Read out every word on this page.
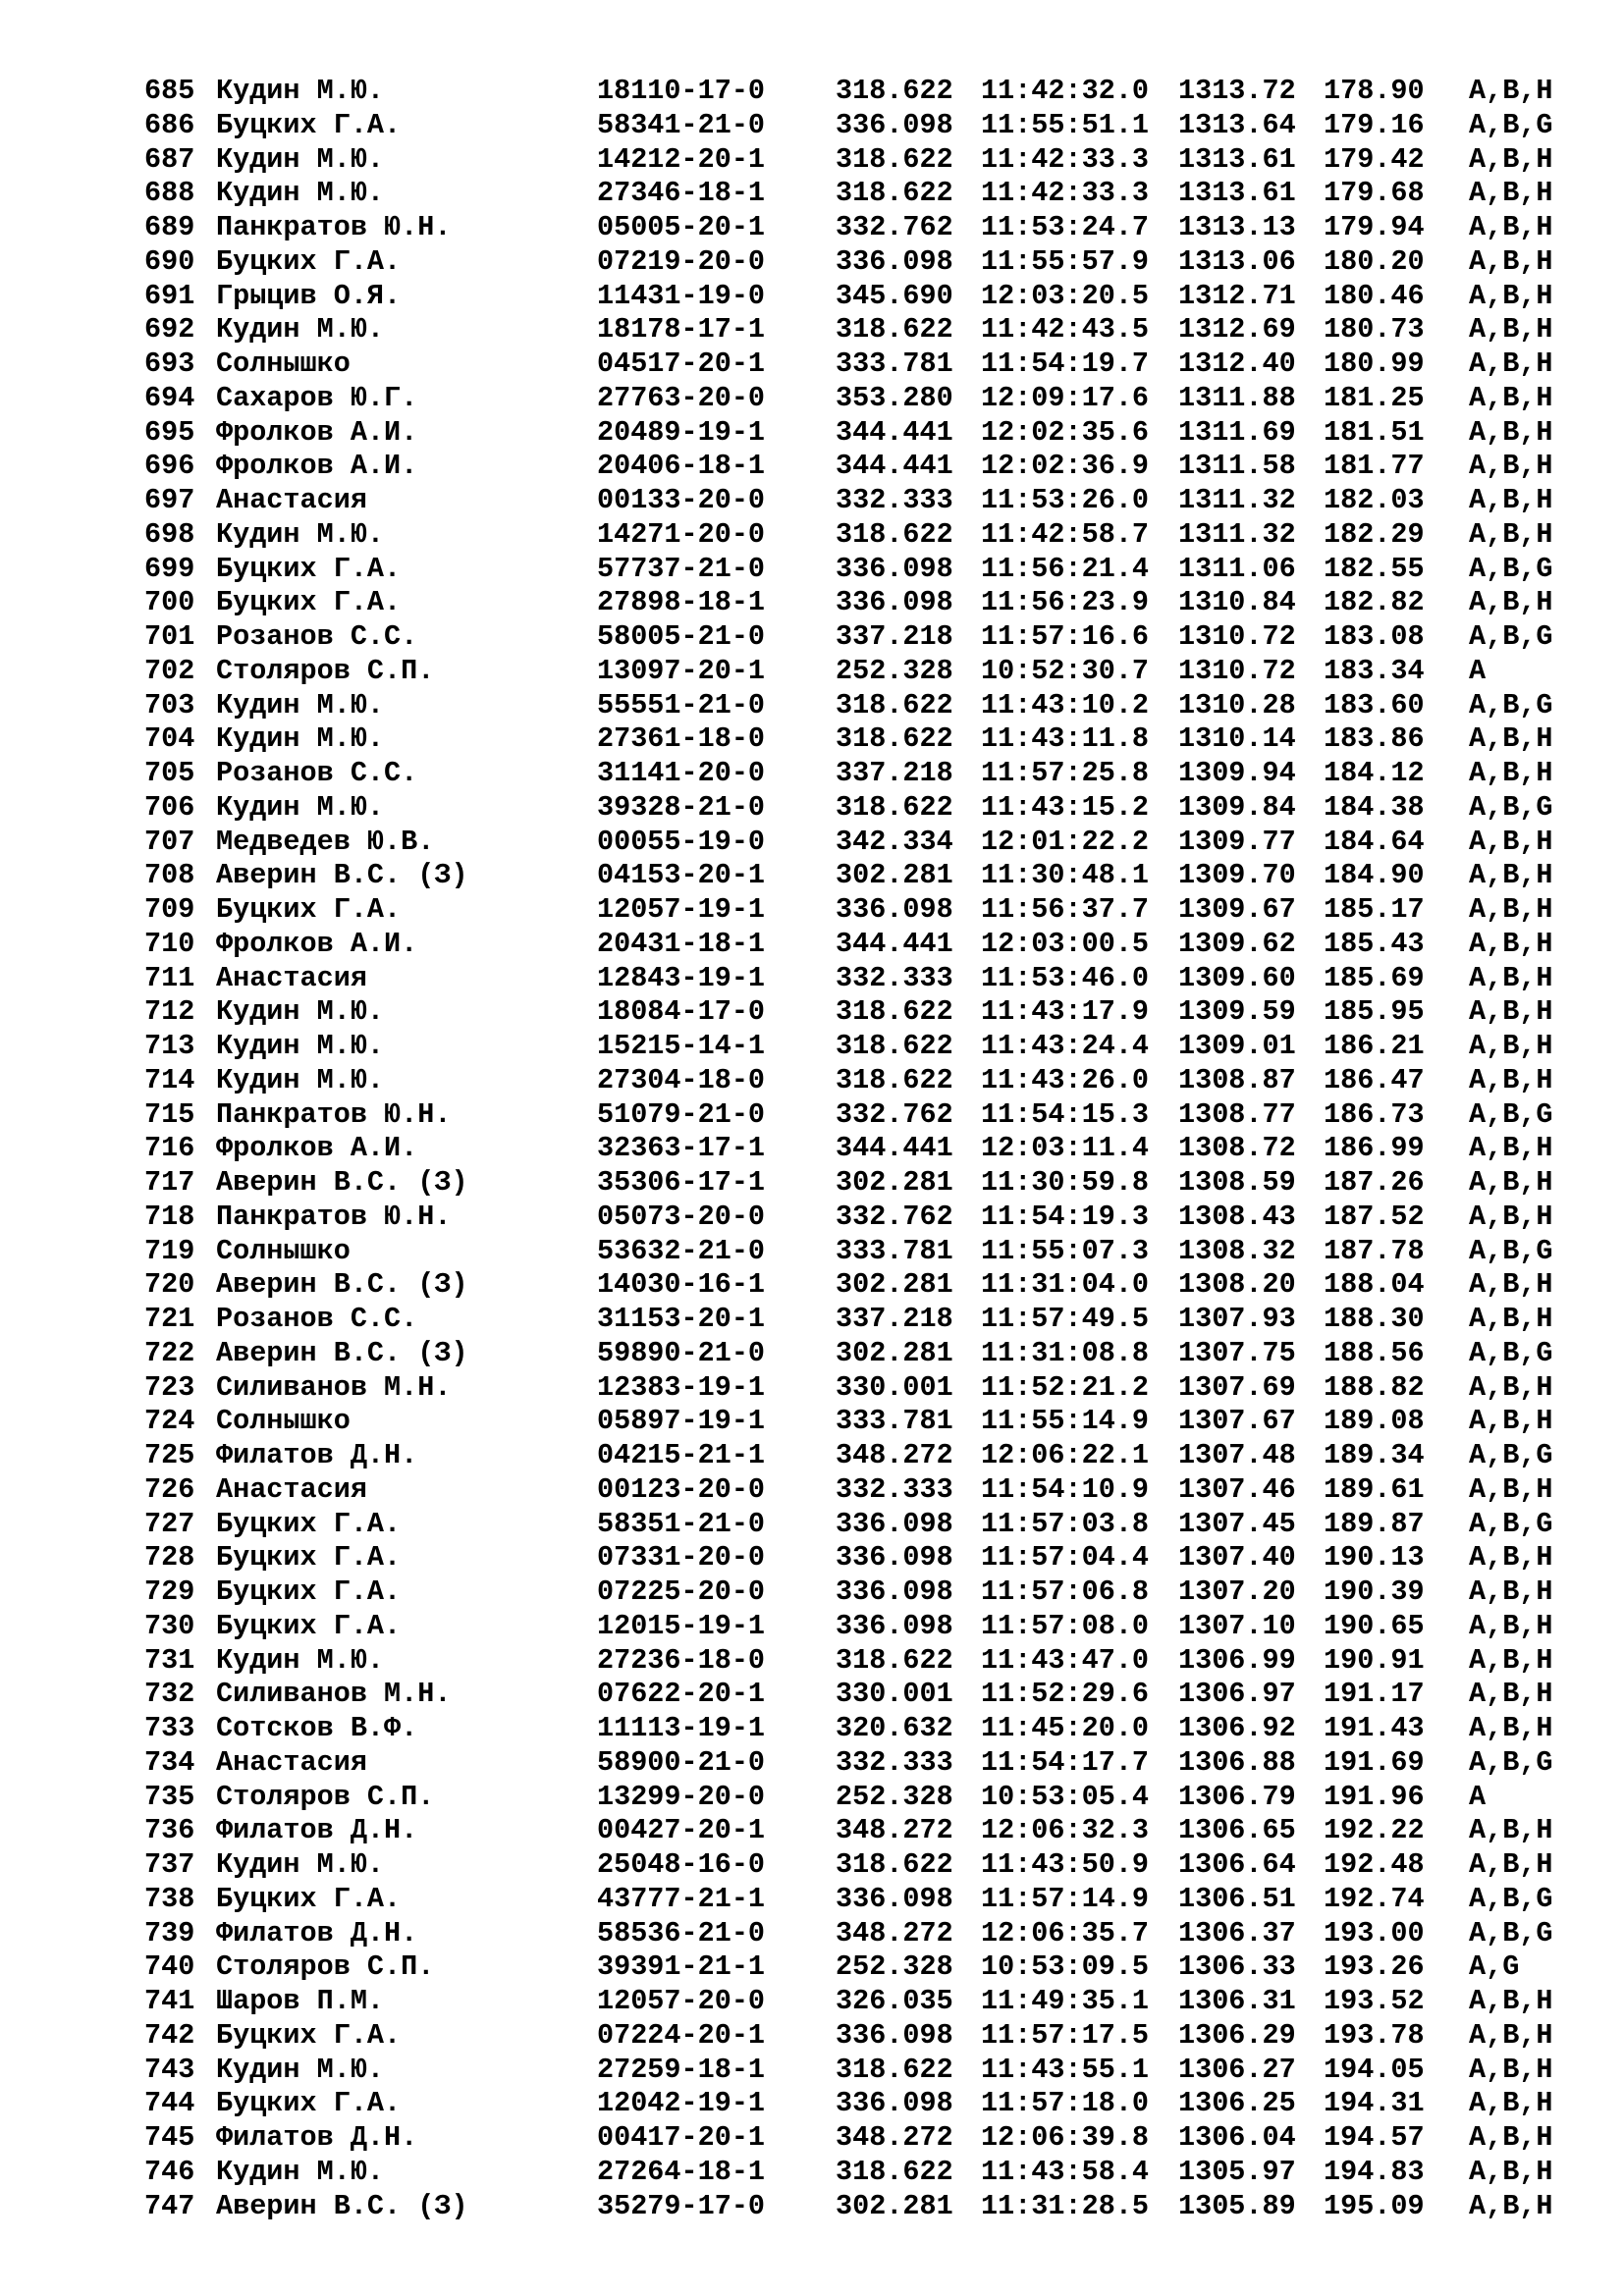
685 Кудин М.Ю.	18110-17-0	318.622 11:42:32.0 1313.72 178.90 A,B,H
686 Буцких Г.А.	58341-21-0	336.098 11:55:51.1 1313.64 179.16 A,B,G
687 Кудин М.Ю.	14212-20-1	318.622 11:42:33.3 1313.61 179.42 A,B,H
688 Кудин М.Ю.	27346-18-1	318.622 11:42:33.3 1313.61 179.68 A,B,H
689 Панкратов Ю.Н.	05005-20-1	332.762 11:53:24.7 1313.13 179.94 A,B,H
690 Буцких Г.А.	07219-20-0	336.098 11:55:57.9 1313.06 180.20 A,B,H
691 Грыцив О.Я.	11431-19-0	345.690 12:03:20.5 1312.71 180.46 A,B,H
692 Кудин М.Ю.	18178-17-1	318.622 11:42:43.5 1312.69 180.73 A,B,H
693 Солнышко	04517-20-1	333.781 11:54:19.7 1312.40 180.99 A,B,H
694 Сахаров Ю.Г.	27763-20-0	353.280 12:09:17.6 1311.88 181.25 A,B,H
695 Фролков А.И.	20489-19-1	344.441 12:02:35.6 1311.69 181.51 A,B,H
696 Фролков А.И.	20406-18-1	344.441 12:02:36.9 1311.58 181.77 A,B,H
697 Анастасия	00133-20-0	332.333 11:53:26.0 1311.32 182.03 A,B,H
698 Кудин М.Ю.	14271-20-0	318.622 11:42:58.7 1311.32 182.29 A,B,H
699 Буцких Г.А.	57737-21-0	336.098 11:56:21.4 1311.06 182.55 A,B,G
700 Буцких Г.А.	27898-18-1	336.098 11:56:23.9 1310.84 182.82 A,B,H
701 Розанов С.С.	58005-21-0	337.218 11:57:16.6 1310.72 183.08 A,B,G
702 Столяров С.П.	13097-20-1	252.328 10:52:30.7 1310.72 183.34 A
703 Кудин М.Ю.	55551-21-0	318.622 11:43:10.2 1310.28 183.60 A,B,G
704 Кудин М.Ю.	27361-18-0	318.622 11:43:11.8 1310.14 183.86 A,B,H
705 Розанов С.С.	31141-20-0	337.218 11:57:25.8 1309.94 184.12 A,B,H
706 Кудин М.Ю.	39328-21-0	318.622 11:43:15.2 1309.84 184.38 A,B,G
707 Медведев Ю.В.	00055-19-0	342.334 12:01:22.2 1309.77 184.64 A,B,H
708 Аверин В.С. (З)	04153-20-1	302.281 11:30:48.1 1309.70 184.90 A,B,H
709 Буцких Г.А.	12057-19-1	336.098 11:56:37.7 1309.67 185.17 A,B,H
710 Фролков А.И.	20431-18-1	344.441 12:03:00.5 1309.62 185.43 A,B,H
711 Анастасия	12843-19-1	332.333 11:53:46.0 1309.60 185.69 A,B,H
712 Кудин М.Ю.	18084-17-0	318.622 11:43:17.9 1309.59 185.95 A,B,H
713 Кудин М.Ю.	15215-14-1	318.622 11:43:24.4 1309.01 186.21 A,B,H
714 Кудин М.Ю.	27304-18-0	318.622 11:43:26.0 1308.87 186.47 A,B,H
715 Панкратов Ю.Н.	51079-21-0	332.762 11:54:15.3 1308.77 186.73 A,B,G
716 Фролков А.И.	32363-17-1	344.441 12:03:11.4 1308.72 186.99 A,B,H
717 Аверин В.С. (З)	35306-17-1	302.281 11:30:59.8 1308.59 187.26 A,B,H
718 Панкратов Ю.Н.	05073-20-0	332.762 11:54:19.3 1308.43 187.52 A,B,H
719 Солнышко	53632-21-0	333.781 11:55:07.3 1308.32 187.78 A,B,G
720 Аверин В.С. (З)	14030-16-1	302.281 11:31:04.0 1308.20 188.04 A,B,H
721 Розанов С.С.	31153-20-1	337.218 11:57:49.5 1307.93 188.30 A,B,H
722 Аверин В.С. (З)	59890-21-0	302.281 11:31:08.8 1307.75 188.56 A,B,G
723 Силиванов М.Н.	12383-19-1	330.001 11:52:21.2 1307.69 188.82 A,B,H
724 Солнышко	05897-19-1	333.781 11:55:14.9 1307.67 189.08 A,B,H
725 Филатов Д.Н.	04215-21-1	348.272 12:06:22.1 1307.48 189.34 A,B,G
726 Анастасия	00123-20-0	332.333 11:54:10.9 1307.46 189.61 A,B,H
727 Буцких Г.А.	58351-21-0	336.098 11:57:03.8 1307.45 189.87 A,B,G
728 Буцких Г.А.	07331-20-0	336.098 11:57:04.4 1307.40 190.13 A,B,H
729 Буцких Г.А.	07225-20-0	336.098 11:57:06.8 1307.20 190.39 A,B,H
730 Буцких Г.А.	12015-19-1	336.098 11:57:08.0 1307.10 190.65 A,B,H
731 Кудин М.Ю.	27236-18-0	318.622 11:43:47.0 1306.99 190.91 A,B,H
732 Силиванов М.Н.	07622-20-1	330.001 11:52:29.6 1306.97 191.17 A,B,H
733 Сотсков В.Ф.	11113-19-1	320.632 11:45:20.0 1306.92 191.43 A,B,H
734 Анастасия	58900-21-0	332.333 11:54:17.7 1306.88 191.69 A,B,G
735 Столяров С.П.	13299-20-0	252.328 10:53:05.4 1306.79 191.96 A
736 Филатов Д.Н.	00427-20-1	348.272 12:06:32.3 1306.65 192.22 A,B,H
737 Кудин М.Ю.	25048-16-0	318.622 11:43:50.9 1306.64 192.48 A,B,H
738 Буцких Г.А.	43777-21-1	336.098 11:57:14.9 1306.51 192.74 A,B,G
739 Филатов Д.Н.	58536-21-0	348.272 12:06:35.7 1306.37 193.00 A,B,G
740 Столяров С.П.	39391-21-1	252.328 10:53:09.5 1306.33 193.26 A,G
741 Шаров П.М.	12057-20-0	326.035 11:49:35.1 1306.31 193.52 A,B,H
742 Буцких Г.А.	07224-20-1	336.098 11:57:17.5 1306.29 193.78 A,B,H
743 Кудин М.Ю.	27259-18-1	318.622 11:43:55.1 1306.27 194.05 A,B,H
744 Буцких Г.А.	12042-19-1	336.098 11:57:18.0 1306.25 194.31 A,B,H
745 Филатов Д.Н.	00417-20-1	348.272 12:06:39.8 1306.04 194.57 A,B,H
746 Кудин М.Ю.	27264-18-1	318.622 11:43:58.4 1305.97 194.83 A,B,H
747 Аверин В.С. (З)	35279-17-0	302.281 11:31:28.5 1305.89 195.09 A,B,H
